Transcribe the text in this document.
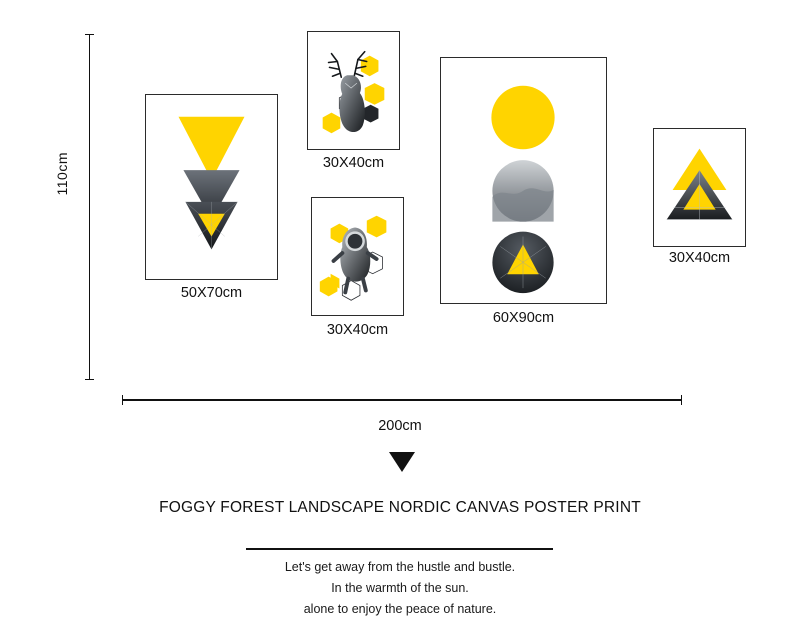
110cm
50X70cm
30X40cm
30X40cm
60X90cm
30X40cm
200cm
FOGGY FOREST LANDSCAPE NORDIC CANVAS POSTER PRINT
Let's get away from the hustle and bustle.
In the warmth of the sun.
alone to enjoy the peace of nature.
